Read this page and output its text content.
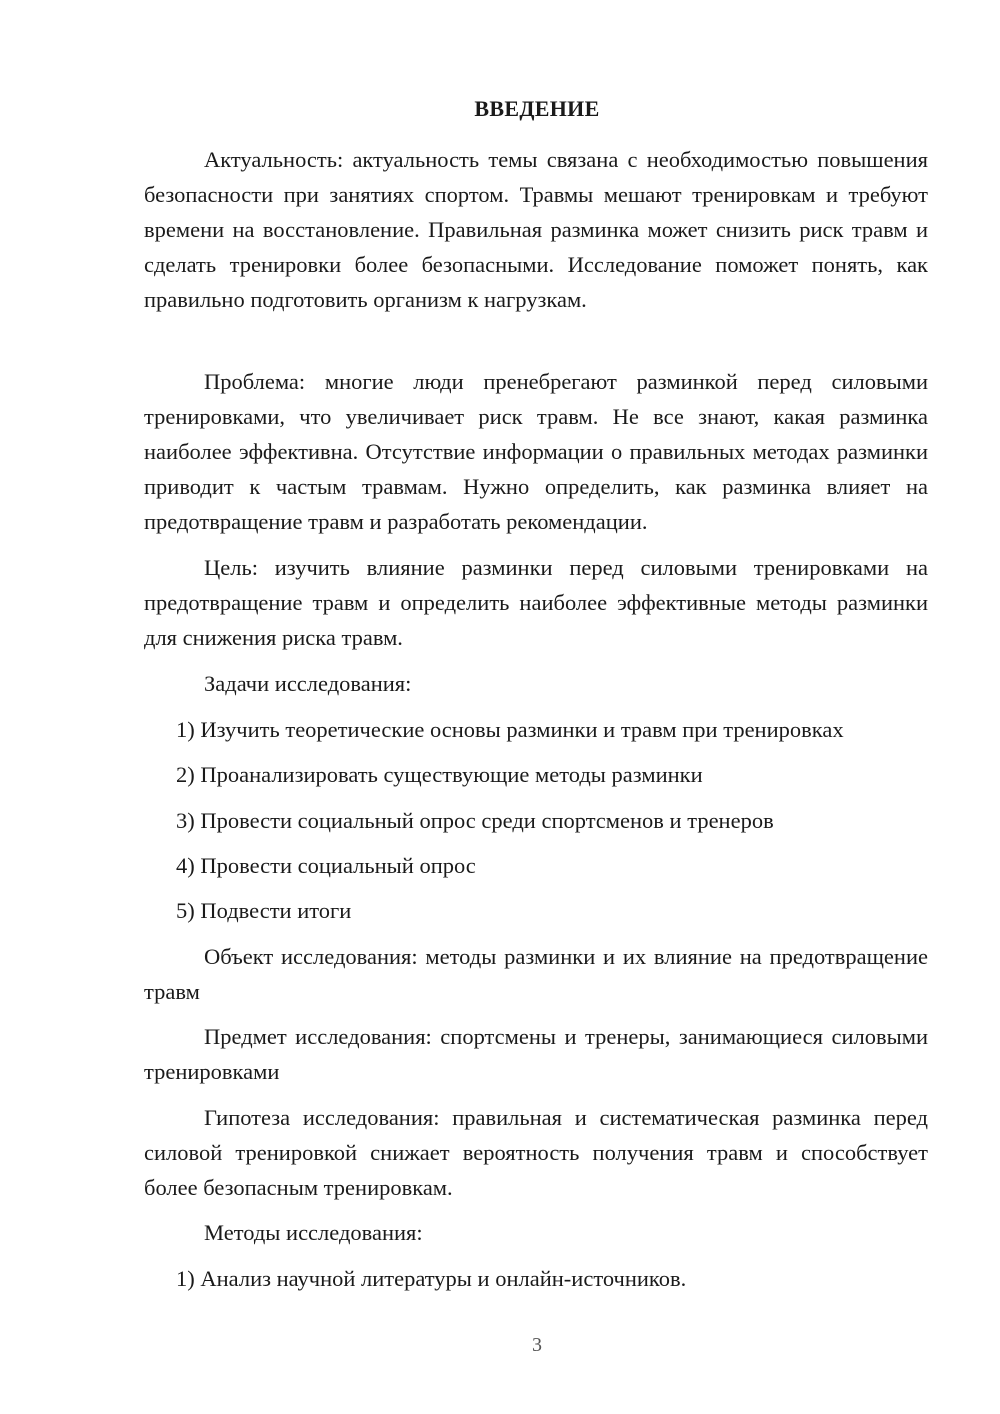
ВВЕДЕНИЕ

Актуальность: актуальность темы связана с необходимостью повышения безопасности при занятиях спортом. Травмы мешают тренировкам и требуют времени на восстановление. Правильная разминка может снизить риск травм и сделать тренировки более безопасными. Исследование поможет понять, как правильно подготовить организм к нагрузкам.

Проблема: многие люди пренебрегают разминкой перед силовыми тренировками, что увеличивает риск травм. Не все знают, какая разминка наиболее эффективна. Отсутствие информации о правильных методах разминки приводит к частым травмам. Нужно определить, как разминка влияет на предотвращение травм и разработать рекомендации.

Цель: изучить влияние разминки перед силовыми тренировками на предотвращение травм и определить наиболее эффективные методы разминки для снижения риска травм.

Задачи исследования:

1) Изучить теоретические основы разминки и травм при тренировках

2) Проанализировать существующие методы разминки

3) Провести социальный опрос среди спортсменов и тренеров

4) Провести социальный опрос

5) Подвести итоги

Объект исследования: методы разминки и их влияние на предотвращение травм

Предмет исследования: спортсмены и тренеры, занимающиеся силовыми тренировками

Гипотеза исследования: правильная и систематическая разминка перед силовой тренировкой снижает вероятность получения травм и способствует более безопасным тренировкам.

Методы исследования:

1) Анализ научной литературы и онлайн-источников.

3
